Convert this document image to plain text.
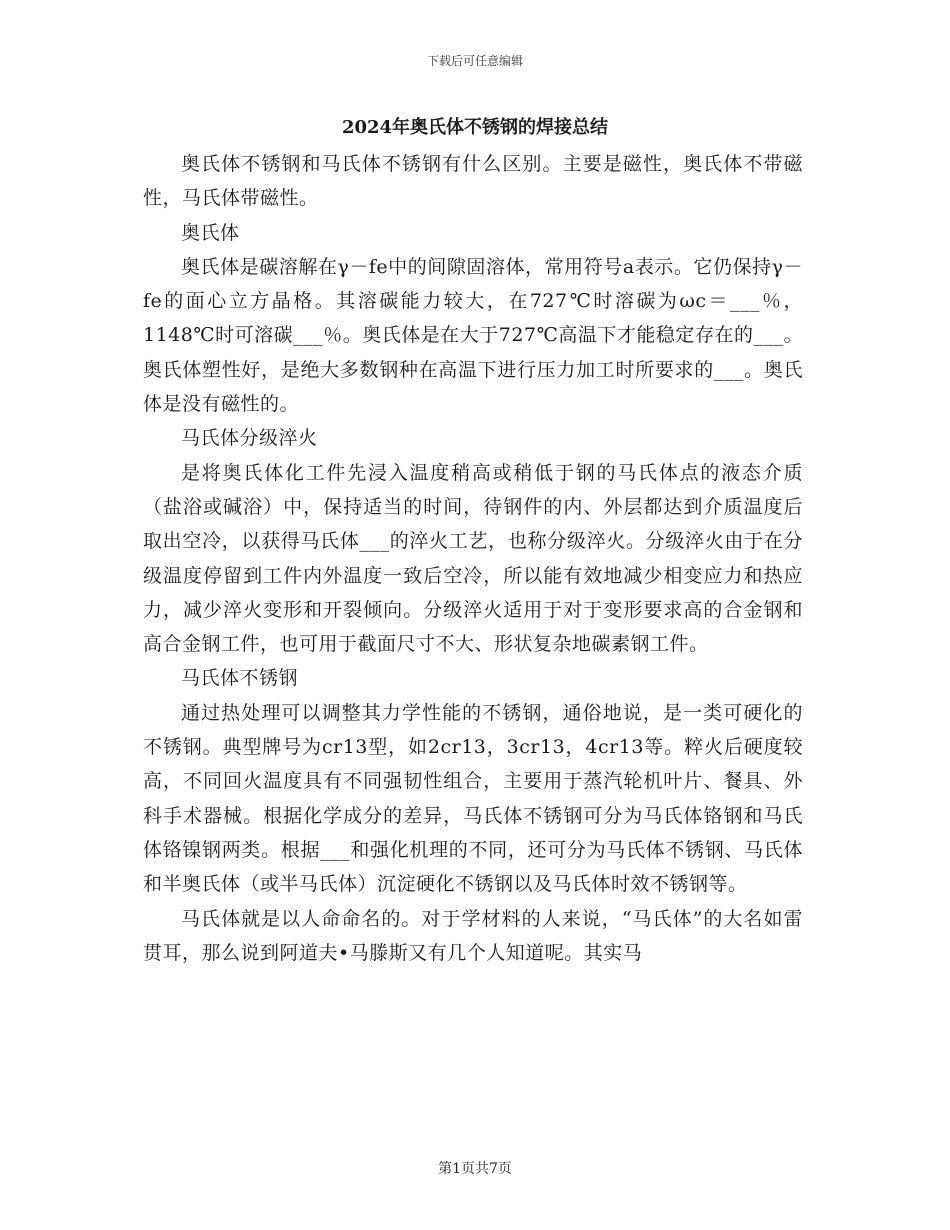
下载后可任意编辑
2024年奥氏体不锈钢的焊接总结

奥氏体不锈钢和马氏体不锈钢有什么区别。主要是磁性，奥氏体不带磁性，马氏体带磁性。

奥氏体

奥氏体是碳溶解在γ－fe中的间隙固溶体，常用符号a表示。它仍保持γ－fe的面心立方晶格。其溶碳能力较大，在727℃时溶碳为ωc＝___％，1148℃时可溶碳___％。奥氏体是在大于727℃高温下才能稳定存在的___。奥氏体塑性好，是绝大多数钢种在高温下进行压力加工时所要求的___。奥氏体是没有磁性的。

马氏体分级淬火

是将奥氏体化工件先浸入温度稍高或稍低于钢的马氏体点的液态介质（盐浴或碱浴）中，保持适当的时间，待钢件的内、外层都达到介质温度后取出空冷，以获得马氏体___的淬火工艺，也称分级淬火。分级淬火由于在分级温度停留到工件内外温度一致后空冷，所以能有效地减少相变应力和热应力，减少淬火变形和开裂倾向。分级淬火适用于对于变形要求高的合金钢和高合金钢工件，也可用于截面尺寸不大、形状复杂地碳素钢工件。

马氏体不锈钢

通过热处理可以调整其力学性能的不锈钢，通俗地说，是一类可硬化的不锈钢。典型牌号为cr13型，如2cr13，3cr13，4cr13等。粹火后硬度较高，不同回火温度具有不同强韧性组合，主要用于蒸汽轮机叶片、餐具、外科手术器械。根据化学成分的差异，马氏体不锈钢可分为马氏体铬钢和马氏体铬镍钢两类。根据___和强化机理的不同，还可分为马氏体不锈钢、马氏体和半奥氏体（或半马氏体）沉淀硬化不锈钢以及马氏体时效不锈钢等。

马氏体就是以人命命名的。对于学材料的人来说，“马氏体”的大名如雷贯耳，那么说到阿道夫•马滕斯又有几个人知道呢。其实马

第1页共7页
